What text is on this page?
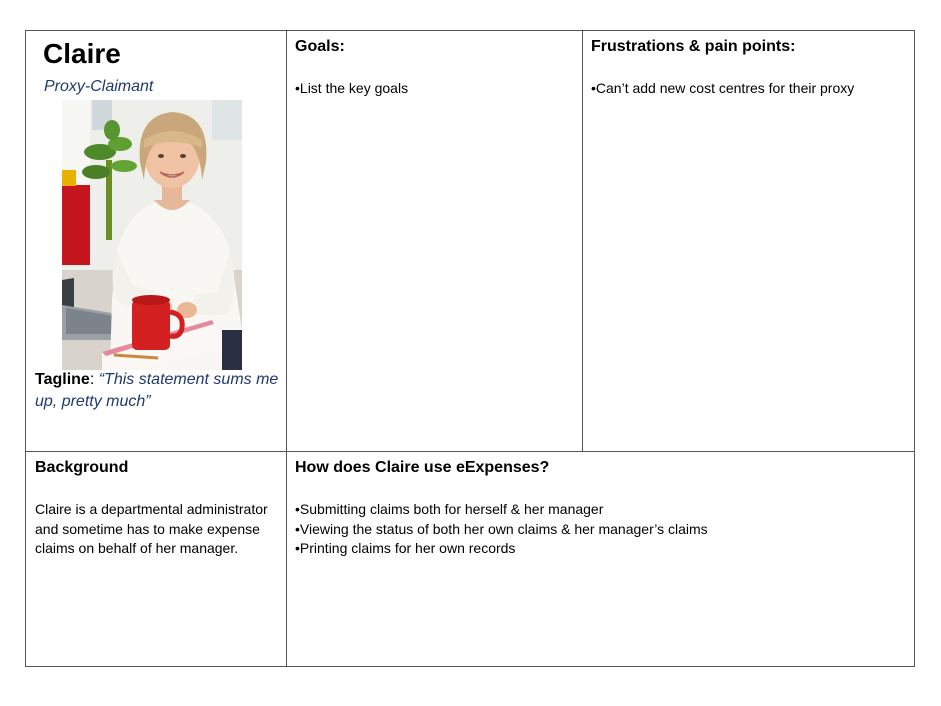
Claire
Proxy-Claimant
Tagline: “This statement sums me up, pretty much”
Goals:
• List the key goals
Frustrations & pain points:
• Can’t add new cost centres for their proxy
Background

Claire is a departmental administrator and sometime has to make expense claims on behalf of her manager.

How does Claire use eExpenses?
• Submitting claims both for herself & her manager
• Viewing the status of both her own claims & her manager’s claims
• Printing claims for her own records
